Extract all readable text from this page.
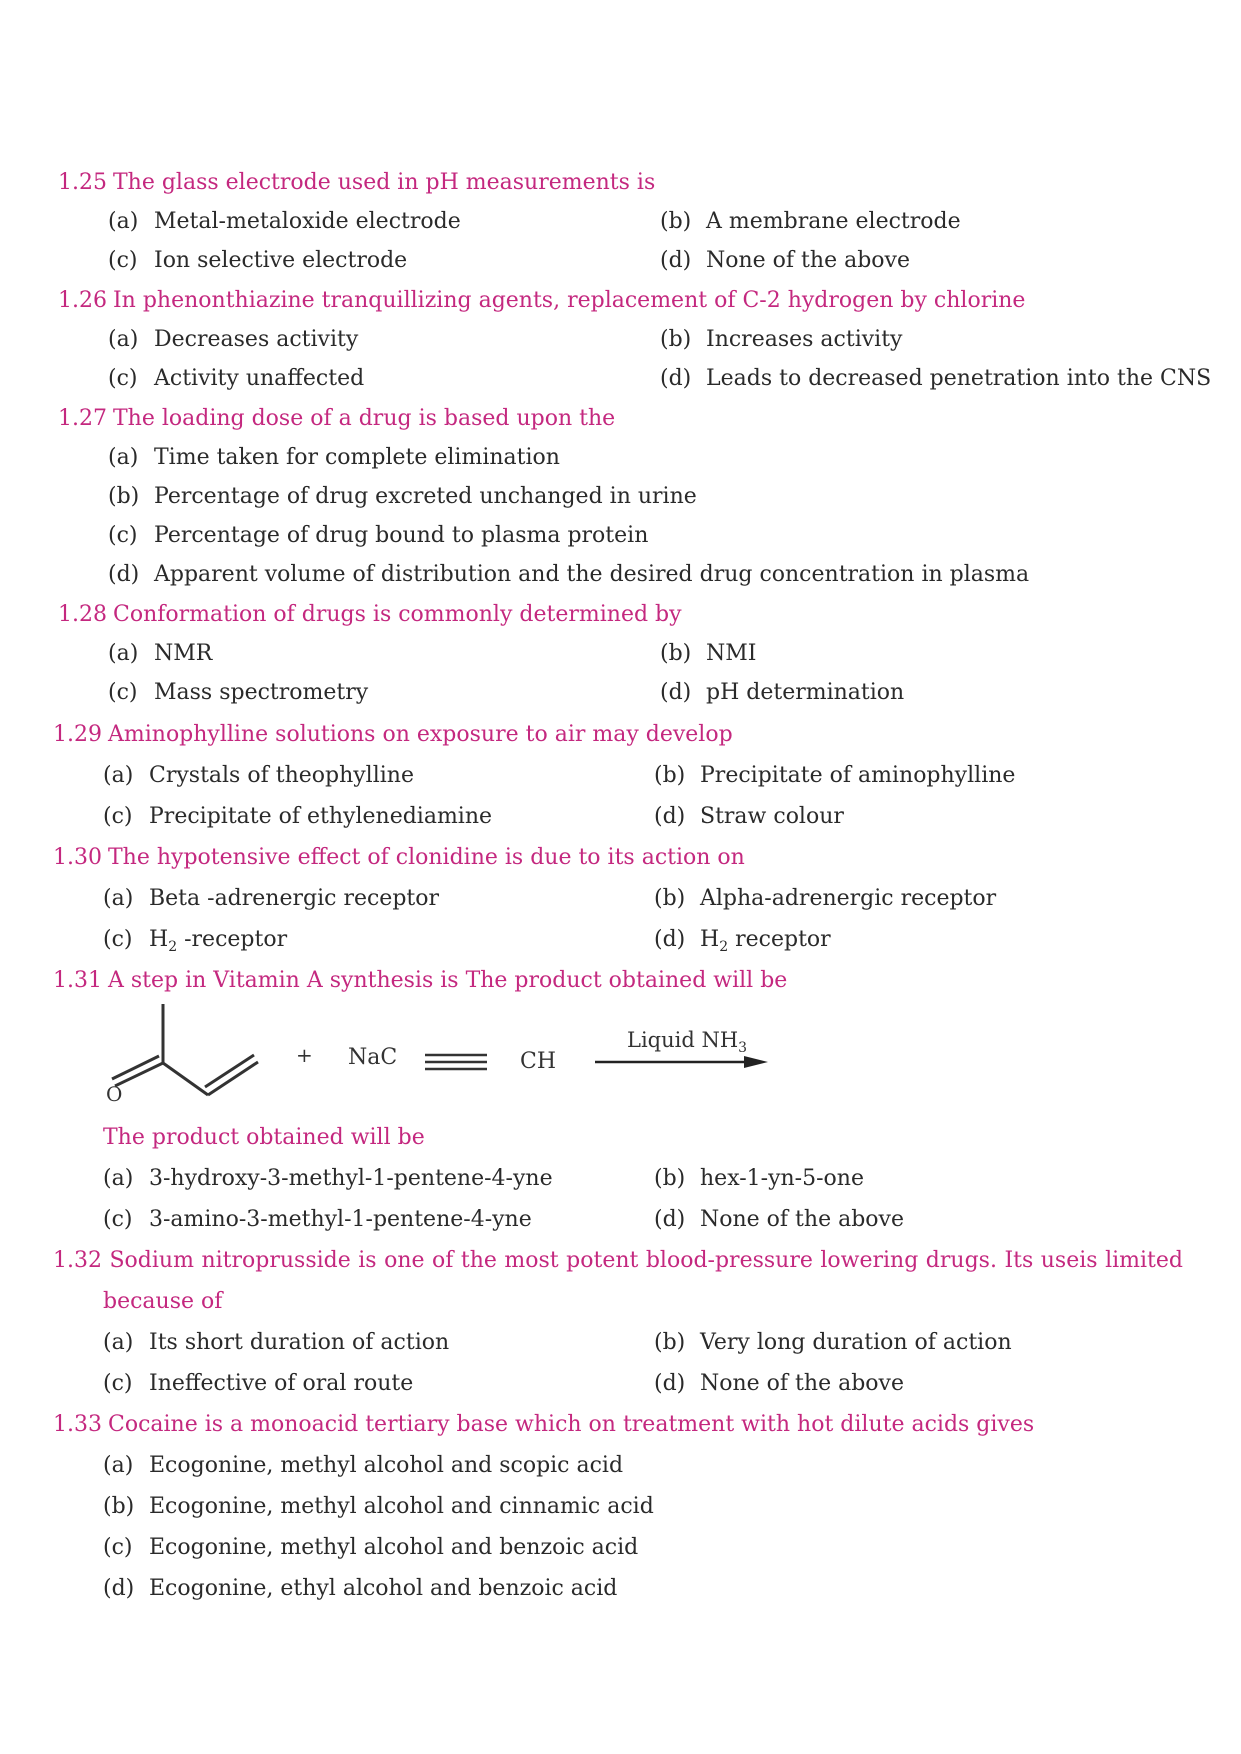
1.25 The glass electrode used in pH measurements is
(a) Metal-metaloxide electrode	(b) A membrane electrode
(c) Ion selective electrode	(d) None of the above
1.26 In phenonthiazine tranquillizing agents, replacement of C-2 hydrogen by chlorine
(a) Decreases activity	(b) Increases activity
(c) Activity unaffected	(d) Leads to decreased penetration into the CNS
1.27 The loading dose of a drug is based upon the
(a) Time taken for complete elimination
(b) Percentage of drug excreted unchanged in urine
(c) Percentage of drug bound to plasma protein
(d) Apparent volume of distribution and the desired drug concentration in plasma
1.28 Conformation of drugs is commonly determined by
(a) NMR	(b) NMI
(c) Mass spectrometry	(d) pH determination
1.29 Aminophylline solutions on exposure to air may develop
(a) Crystals of theophylline	(b) Precipitate of aminophylline
(c) Precipitate of ethylenediamine	(d) Straw colour
1.30 The hypotensive effect of clonidine is due to its action on
(a) Beta -adrenergic receptor	(b) Alpha-adrenergic receptor
(c) $H_2$ -receptor	(d) $H_2$ receptor
1.31 A step in Vitamin A synthesis is The product obtained will be
O
+ NaC	CH
Liquid $NH_3$
The product obtained will be
(a) 3-hydroxy-3-methyl-1-pentene-4-yne	(b) hex-1-yn-5-one
(c) 3-amino-3-methyl-1-pentene-4-yne	(d) None of the above
1.32 Sodium nitroprusside is one of the most potent blood-pressure lowering drugs. Its useis limited because of
(a) Its short duration of action	(b) Very long duration of action
(c) Ineffective of oral route	(d) None of the above
1.33 Cocaine is a monoacid tertiary base which on treatment with hot dilute acids gives
(a) Ecogonine, methyl alcohol and scopic acid
(b) Ecogonine, methyl alcohol and cinnamic acid
(c) Ecogonine, methyl alcohol and benzoic acid
(d) Ecogonine, ethyl alcohol and benzoic acid
